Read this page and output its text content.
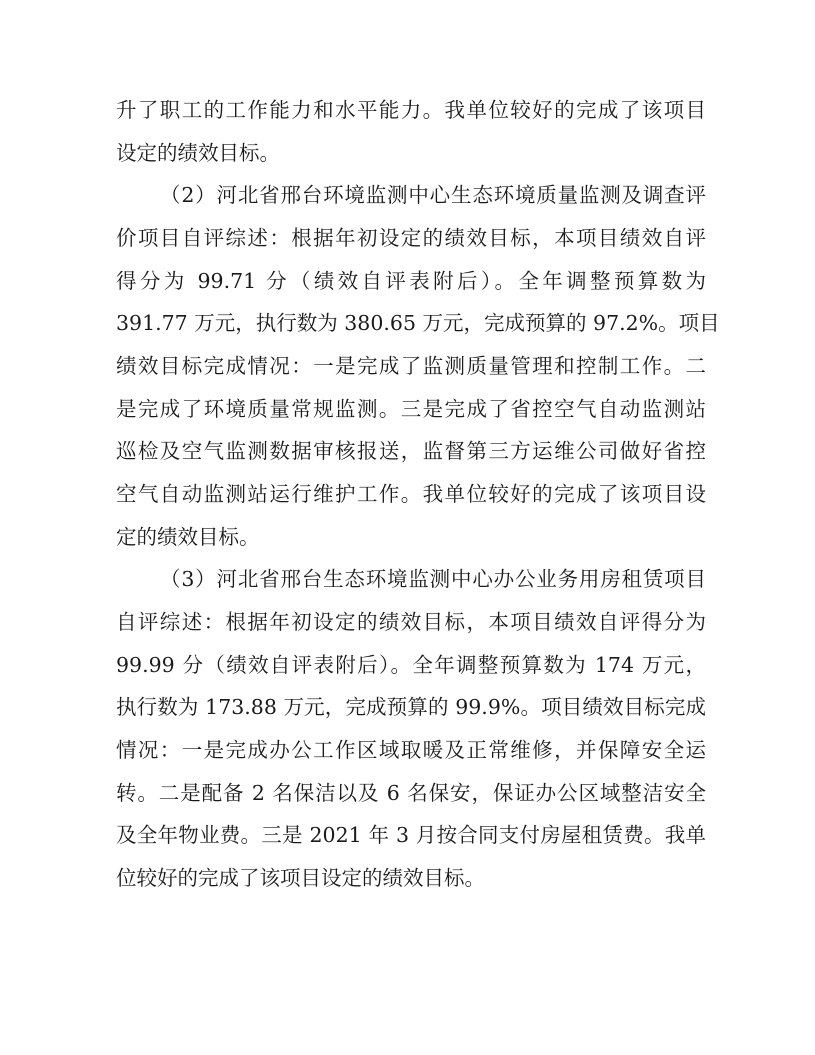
升了职工的工作能力和水平能力。我单位较好的完成了该项目
设定的绩效目标。
（2）河北省邢台环境监测中心生态环境质量监测及调查评
价项目自评综述：根据年初设定的绩效目标，本项目绩效自评
得分为 99.71 分（绩效自评表附后）。全年调整预算数为
391.77 万元，执行数为 380.65 万元，完成预算的 97.2%。项目
绩效目标完成情况：一是完成了监测质量管理和控制工作。二
是完成了环境质量常规监测。三是完成了省控空气自动监测站
巡检及空气监测数据审核报送，监督第三方运维公司做好省控
空气自动监测站运行维护工作。我单位较好的完成了该项目设
定的绩效目标。
（3）河北省邢台生态环境监测中心办公业务用房租赁项目
自评综述：根据年初设定的绩效目标，本项目绩效自评得分为
99.99 分（绩效自评表附后）。全年调整预算数为 174 万元，
执行数为 173.88 万元，完成预算的 99.9%。项目绩效目标完成
情况：一是完成办公工作区域取暖及正常维修，并保障安全运
转。二是配备 2 名保洁以及 6 名保安，保证办公区域整洁安全
及全年物业费。三是 2021 年 3 月按合同支付房屋租赁费。我单
位较好的完成了该项目设定的绩效目标。
